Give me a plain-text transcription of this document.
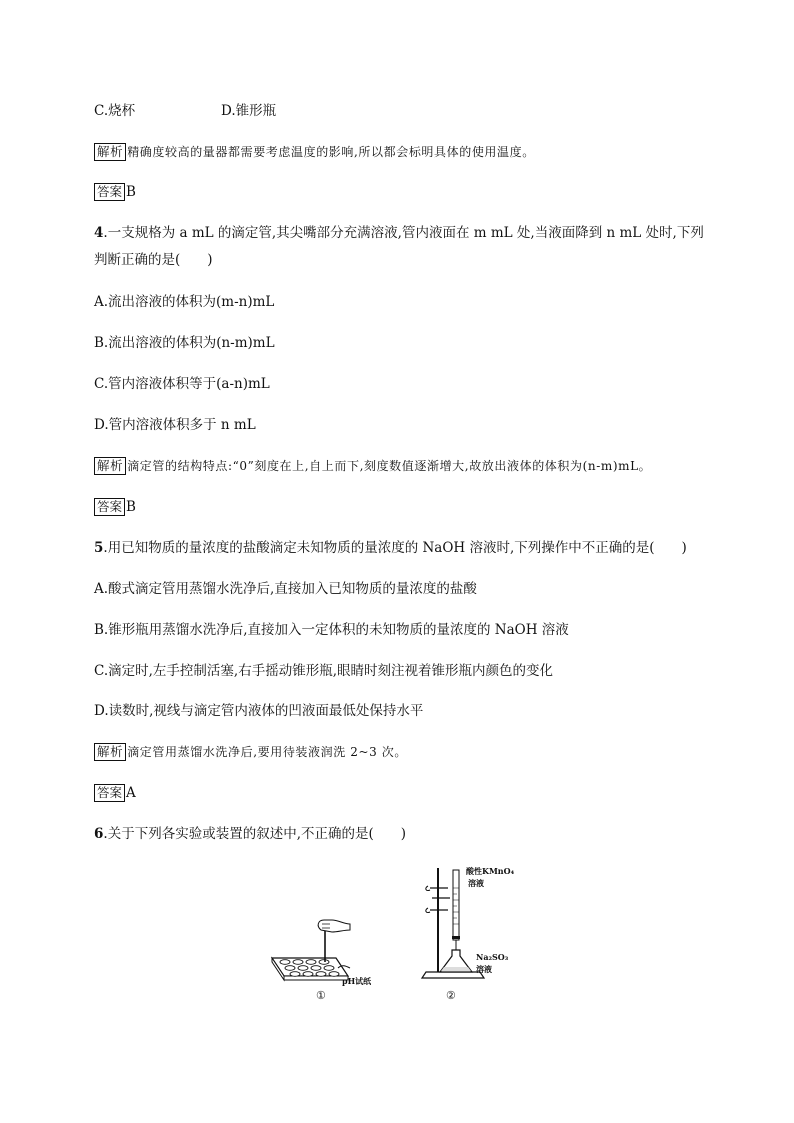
C.烧杯	D.锥形瓶
解析 精确度较高的量器都需要考虑温度的影响,所以都会标明具体的使用温度。
答案 B
4.一支规格为 a mL 的滴定管,其尖嘴部分充满溶液,管内液面在 m mL 处,当液面降到 n mL 处时,下列
判断正确的是(　　)
A.流出溶液的体积为(m-n)mL
B.流出溶液的体积为(n-m)mL
C.管内溶液体积等于(a-n)mL
D.管内溶液体积多于 n mL
解析 滴定管的结构特点:“0”刻度在上,自上而下,刻度数值逐渐增大,故放出液体的体积为(n-m)mL。
答案 B
5.用已知物质的量浓度的盐酸滴定未知物质的量浓度的 NaOH 溶液时,下列操作中不正确的是(　　)
A.酸式滴定管用蒸馏水洗净后,直接加入已知物质的量浓度的盐酸
B.锥形瓶用蒸馏水洗净后,直接加入一定体积的未知物质的量浓度的 NaOH 溶液
C.滴定时,左手控制活塞,右手摇动锥形瓶,眼睛时刻注视着锥形瓶内颜色的变化
D.读数时,视线与滴定管内液体的凹液面最低处保持水平
解析 滴定管用蒸馏水洗净后,要用待装液润洗 2~3 次。
答案 A
6.关于下列各实验或装置的叙述中,不正确的是(　　)
pH试纸
①
酸性KMnO₄
溶液
Na₂SO₃
溶液
②
